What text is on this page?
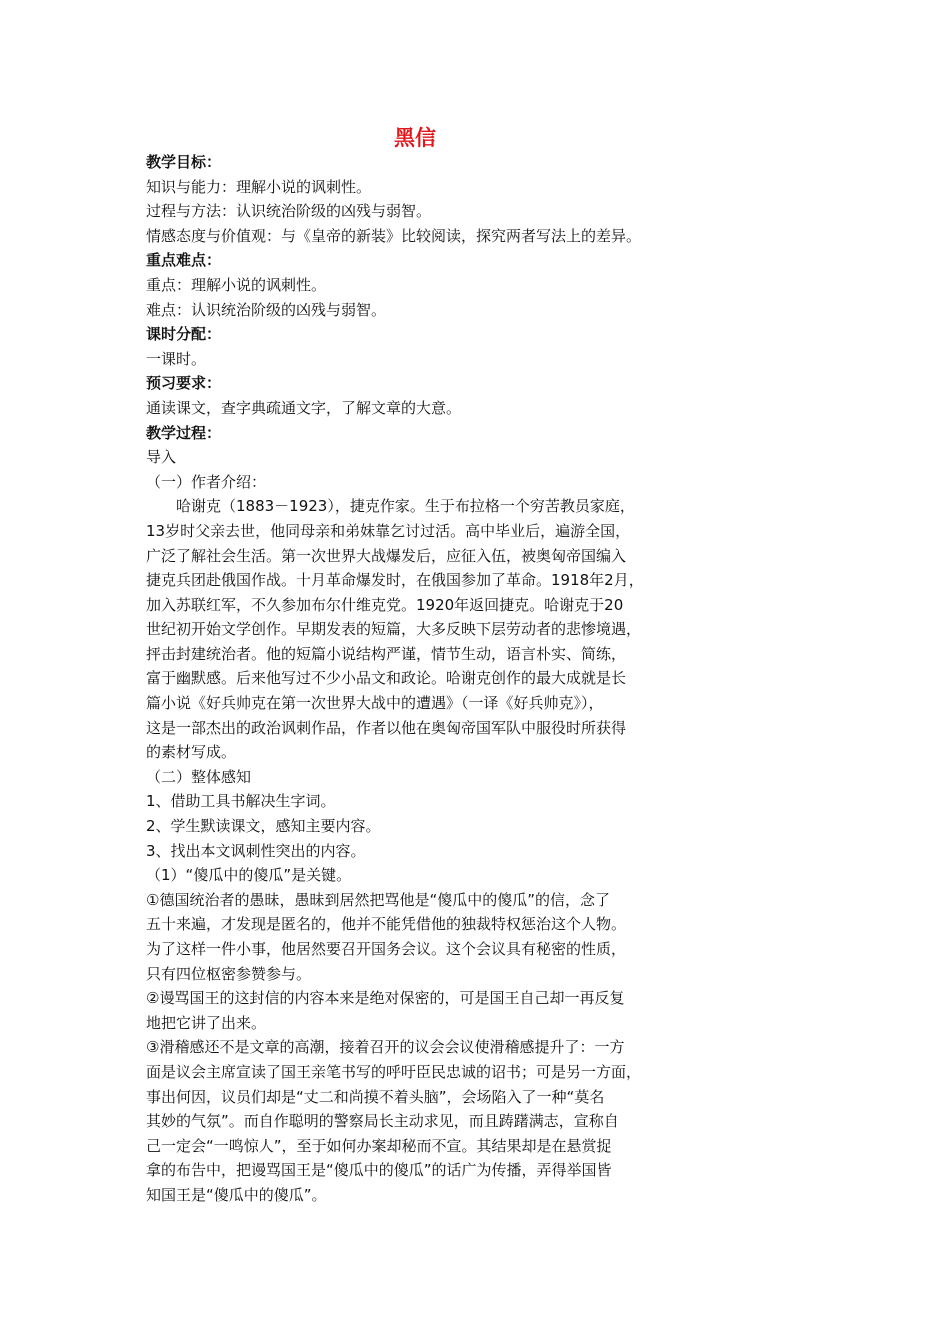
黑信
教学目标：
知识与能力：理解小说的讽刺性。
过程与方法：认识统治阶级的凶残与弱智。
情感态度与价值观：与《皇帝的新装》比较阅读，探究两者写法上的差异。
重点难点：
重点：理解小说的讽刺性。
难点：认识统治阶级的凶残与弱智。
课时分配：
一课时。
预习要求：
通读课文，查字典疏通文字，了解文章的大意。
教学过程：
导入
（一）作者介绍：
哈谢克（1883－1923），捷克作家。生于布拉格一个穷苦教员家庭，
13岁时父亲去世，他同母亲和弟妹靠乞讨过活。高中毕业后，遍游全国，
广泛了解社会生活。第一次世界大战爆发后，应征入伍，被奥匈帝国编入
捷克兵团赴俄国作战。十月革命爆发时，在俄国参加了革命。1918年2月，
加入苏联红军，不久参加布尔什维克党。1920年返回捷克。哈谢克于20
世纪初开始文学创作。早期发表的短篇，大多反映下层劳动者的悲惨境遇，
抨击封建统治者。他的短篇小说结构严谨，情节生动，语言朴实、简练，
富于幽默感。后来他写过不少小品文和政论。哈谢克创作的最大成就是长
篇小说《好兵帅克在第一次世界大战中的遭遇》（一译《好兵帅克》），
这是一部杰出的政治讽刺作品，作者以他在奥匈帝国军队中服役时所获得
的素材写成。
（二）整体感知
1、借助工具书解决生字词。
2、学生默读课文，感知主要内容。
3、找出本文讽刺性突出的内容。
（1）“傻瓜中的傻瓜”是关键。
①德国统治者的愚昧，愚昧到居然把骂他是“傻瓜中的傻瓜”的信，念了
五十来遍，才发现是匿名的，他并不能凭借他的独裁特权惩治这个人物。
为了这样一件小事，他居然要召开国务会议。这个会议具有秘密的性质，
只有四位枢密参赞参与。
②谩骂国王的这封信的内容本来是绝对保密的，可是国王自己却一再反复
地把它讲了出来。
③滑稽感还不是文章的高潮，接着召开的议会会议使滑稽感提升了：一方
面是议会主席宣读了国王亲笔书写的呼吁臣民忠诚的诏书；可是另一方面，
事出何因，议员们却是“丈二和尚摸不着头脑”，会场陷入了一种“莫名
其妙的气氛”。而自作聪明的警察局长主动求见，而且踌躇满志，宣称自
己一定会“一鸣惊人”，至于如何办案却秘而不宣。其结果却是在悬赏捉
拿的布告中，把谩骂国王是“傻瓜中的傻瓜”的话广为传播，弄得举国皆
知国王是“傻瓜中的傻瓜”。
